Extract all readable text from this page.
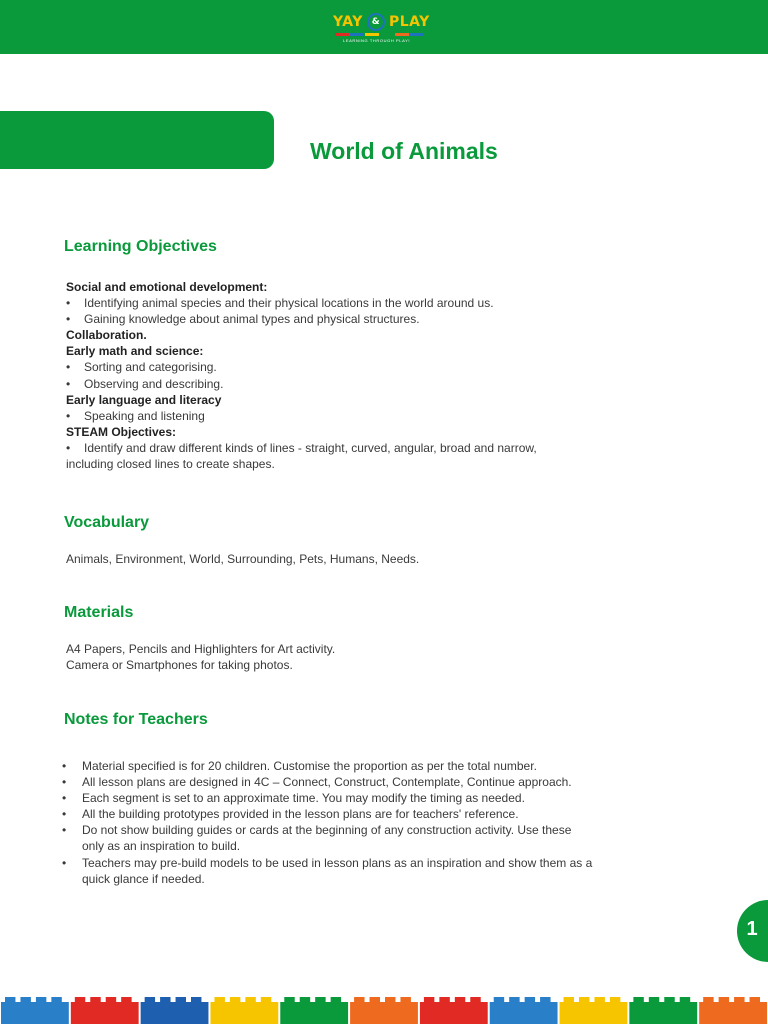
YAY & PLAY
LEARNING THROUGH PLAY!
World of Animals
Learning Objectives
Social and emotional development:
• Identifying animal species and their physical locations in the world around us.
• Gaining knowledge about animal types and physical structures.
Collaboration.
Early math and science:
• Sorting and categorising.
• Observing and describing.
Early language and literacy
• Speaking and listening
STEAM Objectives:
• Identify and draw different kinds of lines - straight, curved, angular, broad and narrow,
including closed lines to create shapes.
Vocabulary
Animals, Environment, World, Surrounding, Pets, Humans, Needs.
Materials
A4 Papers, Pencils and Highlighters for Art activity.
Camera or Smartphones for taking photos.
Notes for Teachers
• Material specified is for 20 children. Customise the proportion as per the total number.
• All lesson plans are designed in 4C – Connect, Construct, Contemplate, Continue approach.
• Each segment is set to an approximate time. You may modify the timing as needed.
• All the building prototypes provided in the lesson plans are for teachers' reference.
• Do not show building guides or cards at the beginning of any construction activity. Use these
only as an inspiration to build.
• Teachers may pre-build models to be used in lesson plans as an inspiration and show them as a
quick glance if needed.
1
